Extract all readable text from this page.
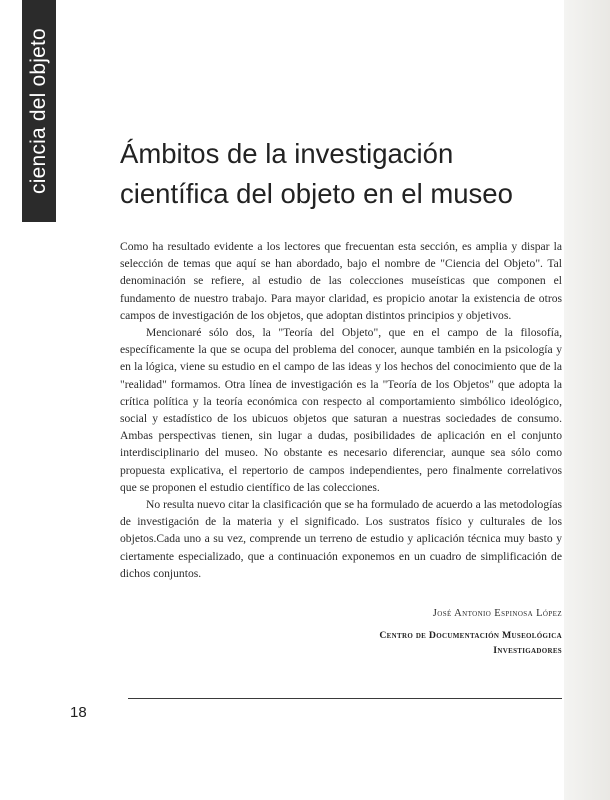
ciencia del objeto	Ámbitos de la investigación
científica del objeto en el museo

Como ha resultado evidente a los lectores que frecuentan esta sección, es amplia y dispar la selección de temas que aquí se han abordado, bajo el nombre de "Ciencia del Objeto". Tal denominación se refiere, al estudio de las colecciones museísticas que componen el fundamento de nuestro trabajo. Para mayor claridad, es propicio anotar la existencia de otros campos de investigación de los objetos, que adoptan distintos principios y objetivos.

Mencionaré sólo dos, la "Teoría del Objeto", que en el campo de la filosofía, específicamente la que se ocupa del problema del conocer, aunque también en la psicología y en la lógica, viene su estudio en el campo de las ideas y los hechos del conocimiento que de la "realidad" formamos. Otra línea de investigación es la "Teoría de los Objetos" que adopta la crítica política y la teoría económica con respecto al comportamiento simbólico ideológico, social y estadístico de los ubicuos objetos que saturan a nuestras sociedades de consumo. Ambas perspectivas tienen, sin lugar a dudas, posibilidades de aplicación en el conjunto interdisciplinario del museo. No obstante es necesario diferenciar, aunque sea sólo como propuesta explicativa, el repertorio de campos independientes, pero finalmente correlativos que se proponen el estudio científico de las colecciones.

No resulta nuevo citar la clasificación que se ha formulado de acuerdo a las metodologías de investigación de la materia y el significado. Los sustratos físico y culturales de los objetos.Cada uno a su vez, comprende un terreno de estudio y aplicación técnica muy basto y ciertamente especializado, que a continuación exponemos en un cuadro de simplificación de dichos conjuntos.

José Antonio Espinosa López
Centro de Documentación Museológica
Investigadores
18
